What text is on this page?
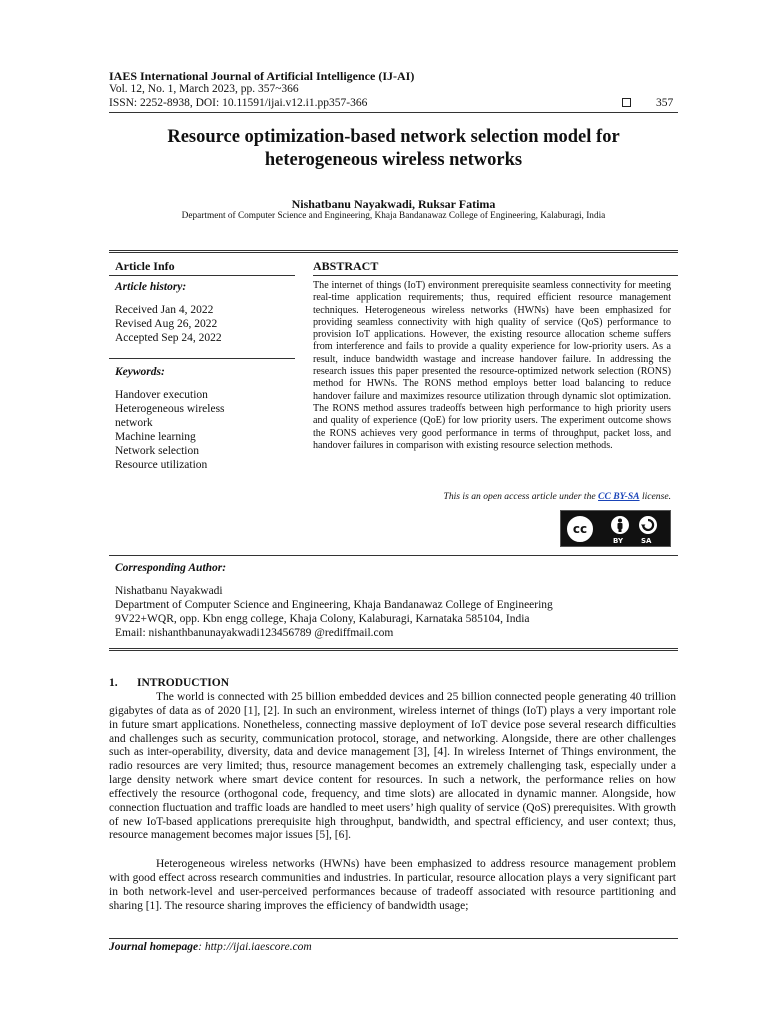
IAES International Journal of Artificial Intelligence (IJ-AI)
Vol. 12, No. 1, March 2023, pp. 357~366
ISSN: 2252-8938, DOI: 10.11591/ijai.v12.i1.pp357-366	357
Resource optimization-based network selection model for
heterogeneous wireless networks
Nishatbanu Nayakwadi, Ruksar Fatima
Department of Computer Science and Engineering, Khaja Bandanawaz College of Engineering, Kalaburagi, India
Article Info	ABSTRACT
Article history:
Received Jan 4, 2022
Revised Aug 26, 2022
Accepted Sep 24, 2022
Keywords:
Handover execution
Heterogeneous wireless
network
Machine learning
Network selection
Resource utilization

The internet of things (IoT) environment prerequisite seamless connectivity for meeting real-time application requirements; thus, required efficient resource management techniques. Heterogeneous wireless networks (HWNs) have been emphasized for providing seamless connectivity with high quality of service (QoS) performance to provision IoT applications. However, the existing resource allocation scheme suffers from interference and fails to provide a quality experience for low-priority users. As a result, induce bandwidth wastage and increase handover failure. In addressing the research issues this paper presented the resource-optimized network selection (RONS) method for HWNs. The RONS method employs better load balancing to reduce handover failure and maximizes resource utilization through dynamic slot optimization. The RONS method assures tradeoffs between high performance to high priority users and quality of experience (QoE) for low priority users. The experiment outcome shows the RONS achieves very good performance in terms of throughput, packet loss, and handover failures in comparison with existing resource selection methods.

This is an open access article under the CC BY-SA license.
cc
BY	SA
Corresponding Author:
Nishatbanu Nayakwadi
Department of Computer Science and Engineering, Khaja Bandanawaz College of Engineering
9V22+WQR, opp. Kbn engg college, Khaja Colony, Kalaburagi, Karnataka 585104, India
Email: nishanthbanunayakwadi123456789 @rediffmail.com
1. INTRODUCTION

The world is connected with 25 billion embedded devices and 25 billion connected people generating 40 trillion gigabytes of data as of 2020 [1], [2]. In such an environment, wireless internet of things (IoT) plays a very important role in future smart applications. Nonetheless, connecting massive deployment of IoT device pose several research difficulties and challenges such as security, communication protocol, storage, and networking. Alongside, there are other challenges such as inter-operability, diversity, data and device management [3], [4]. In wireless Internet of Things environment, the radio resources are very limited; thus, resource management becomes an extremely challenging task, especially under a large density network where smart device content for resources. In such a network, the performance relies on how effectively the resource (orthogonal code, frequency, and time slots) are allocated in dynamic manner. Alongside, how connection fluctuation and traffic loads are handled to meet users’ high quality of service (QoS) prerequisites. With growth of new IoT-based applications prerequisite high throughput, bandwidth, and spectral efficiency, and user context; thus, resource management becomes major issues [5], [6].

Heterogeneous wireless networks (HWNs) have been emphasized to address resource management problem with good effect across research communities and industries. In particular, resource allocation plays a very significant part in both network-level and user-perceived performances because of tradeoff associated with resource partitioning and sharing [1]. The resource sharing improves the efficiency of bandwidth usage;

Journal homepage: http://ijai.iaescore.com
